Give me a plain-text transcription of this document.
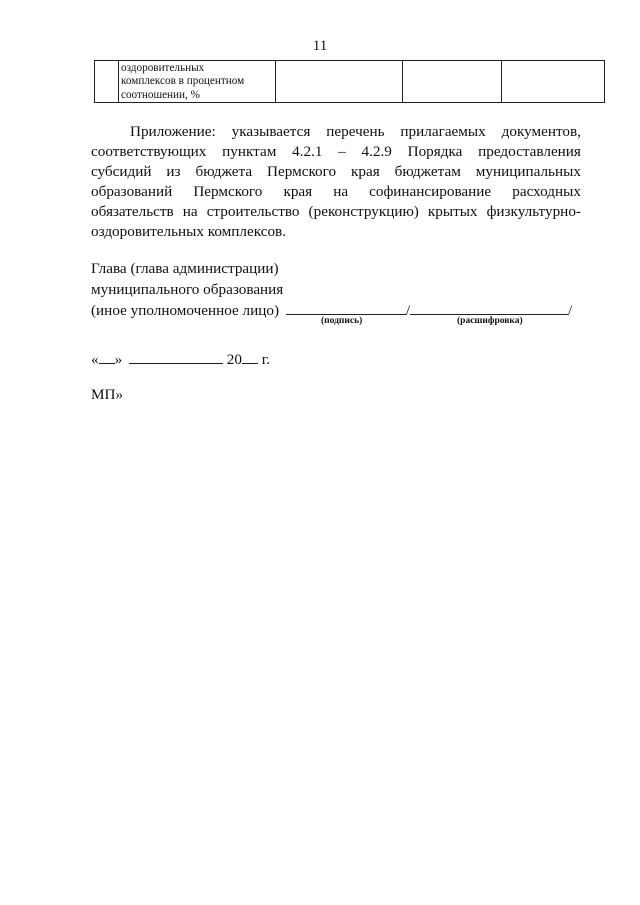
11

оздоровительных
комплексов в процентном
соотношении, %

Приложение: указывается перечень прилагаемых документов,
соответствующих пунктам 4.2.1 – 4.2.9 Порядка предоставления
субсидий из бюджета Пермского края бюджетам муниципальных
образований Пермского края на софинансирование расходных
обязательств на строительство (реконструкцию) крытых физкультурно-
оздоровительных комплексов.
Глава (глава администрации)
муниципального образования
(иное уполномоченное лицо)	/	/
(подпись)	(расшифровка)
« »	20 г.
МП»
